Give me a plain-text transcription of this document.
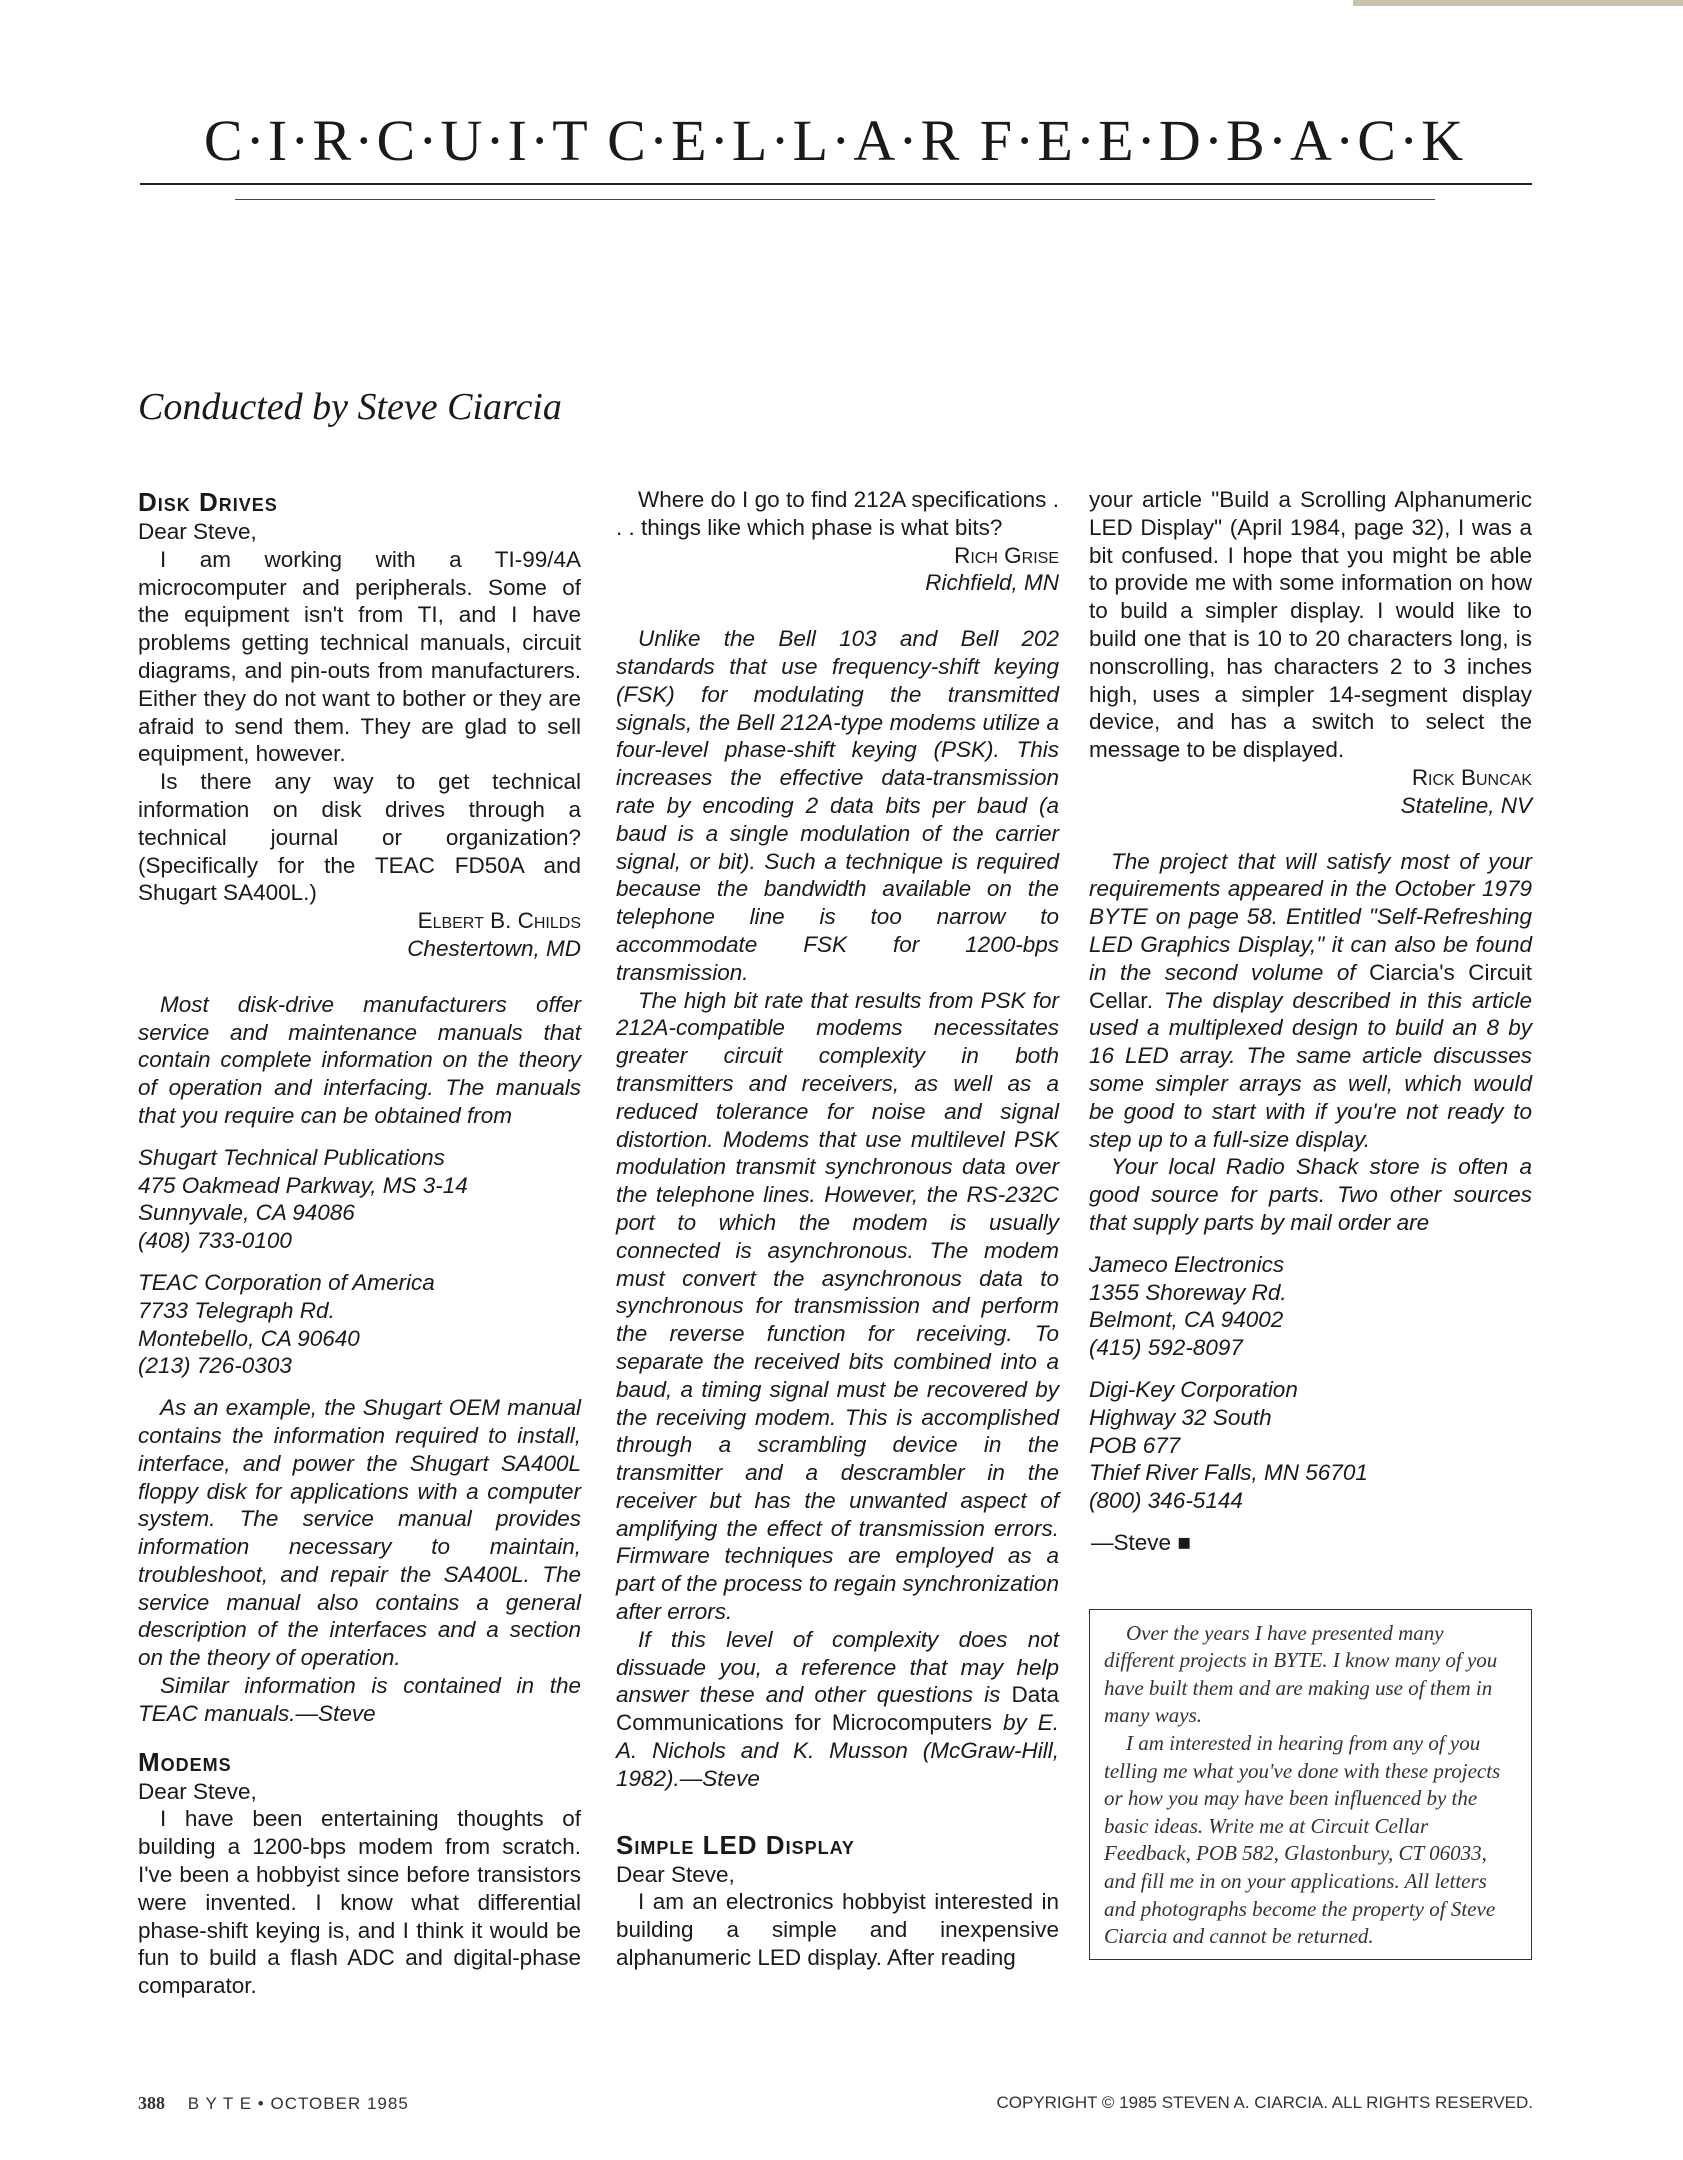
C·I·R·C·U·I·T C·E·L·L·A·R F·E·E·D·B·A·C·K
Conducted by Steve Ciarcia
Disk Drives

Dear Steve,

I am working with a TI-99/4A microcomputer and peripherals. Some of the equipment isn't from TI, and I have problems getting technical manuals, circuit diagrams, and pin-outs from manufacturers. Either they do not want to bother or they are afraid to send them. They are glad to sell equipment, however.

Is there any way to get technical information on disk drives through a technical journal or organization? (Specifically for the TEAC FD50A and Shugart SA400L.)

Elbert B. Childs

Chestertown, MD

Most disk-drive manufacturers offer service and maintenance manuals that contain complete information on the theory of operation and interfacing. The manuals that you require can be obtained from

Shugart Technical Publications

475 Oakmead Parkway, MS 3-14

Sunnyvale, CA 94086

(408) 733-0100

TEAC Corporation of America

7733 Telegraph Rd.

Montebello, CA 90640

(213) 726-0303

As an example, the Shugart OEM manual contains the information required to install, interface, and power the Shugart SA400L floppy disk for applications with a computer system. The service manual provides information necessary to maintain, troubleshoot, and repair the SA400L. The service manual also contains a general description of the interfaces and a section on the theory of operation.

Similar information is contained in the TEAC manuals.—Steve

Modems

Dear Steve,

I have been entertaining thoughts of building a 1200-bps modem from scratch. I've been a hobbyist since before transistors were invented. I know what differential phase-shift keying is, and I think it would be fun to build a flash ADC and digital-phase comparator.

Where do I go to find 212A specifications . . . things like which phase is what bits?

Rich Grise

Richfield, MN

Unlike the Bell 103 and Bell 202 standards that use frequency-shift keying (FSK) for modulating the transmitted signals, the Bell 212A-type modems utilize a four-level phase-shift keying (PSK). This increases the effective data-transmission rate by encoding 2 data bits per baud (a baud is a single modulation of the carrier signal, or bit). Such a technique is required because the bandwidth available on the telephone line is too narrow to accommodate FSK for 1200-bps transmission.

The high bit rate that results from PSK for 212A-compatible modems necessitates greater circuit complexity in both transmitters and receivers, as well as a reduced tolerance for noise and signal distortion. Modems that use multilevel PSK modulation transmit synchronous data over the telephone lines. However, the RS-232C port to which the modem is usually connected is asynchronous. The modem must convert the asynchronous data to synchronous for transmission and perform the reverse function for receiving. To separate the received bits combined into a baud, a timing signal must be recovered by the receiving modem. This is accomplished through a scrambling device in the transmitter and a descrambler in the receiver but has the unwanted aspect of amplifying the effect of transmission errors. Firmware techniques are employed as a part of the process to regain synchronization after errors.

If this level of complexity does not dissuade you, a reference that may help answer these and other questions is Data Communications for Microcomputers by E. A. Nichols and K. Musson (McGraw-Hill, 1982).—Steve

Simple LED Display

Dear Steve,

I am an electronics hobbyist interested in building a simple and inexpensive alphanumeric LED display. After reading

your article "Build a Scrolling Alphanumeric LED Display" (April 1984, page 32), I was a bit confused. I hope that you might be able to provide me with some information on how to build a simpler display. I would like to build one that is 10 to 20 characters long, is nonscrolling, has characters 2 to 3 inches high, uses a simpler 14-segment display device, and has a switch to select the message to be displayed.

Rick Buncak

Stateline, NV

The project that will satisfy most of your requirements appeared in the October 1979 BYTE on page 58. Entitled "Self-Refreshing LED Graphics Display," it can also be found in the second volume of Ciarcia's Circuit Cellar. The display described in this article used a multiplexed design to build an 8 by 16 LED array. The same article discusses some simpler arrays as well, which would be good to start with if you're not ready to step up to a full-size display.

Your local Radio Shack store is often a good source for parts. Two other sources that supply parts by mail order are

Jameco Electronics

1355 Shoreway Rd.

Belmont, CA 94002

(415) 592-8097

Digi-Key Corporation

Highway 32 South

POB 677

Thief River Falls, MN 56701

(800) 346-5144

—Steve ■

Over the years I have presented many different projects in BYTE. I know many of you have built them and are making use of them in many ways.

I am interested in hearing from any of you telling me what you've done with these projects or how you may have been influenced by the basic ideas. Write me at Circuit Cellar Feedback, POB 582, Glastonbury, CT 06033, and fill me in on your applications. All letters and photographs become the property of Steve Ciarcia and cannot be returned.

388 B Y T E • OCTOBER 1985	COPYRIGHT © 1985 STEVEN A. CIARCIA. ALL RIGHTS RESERVED.
